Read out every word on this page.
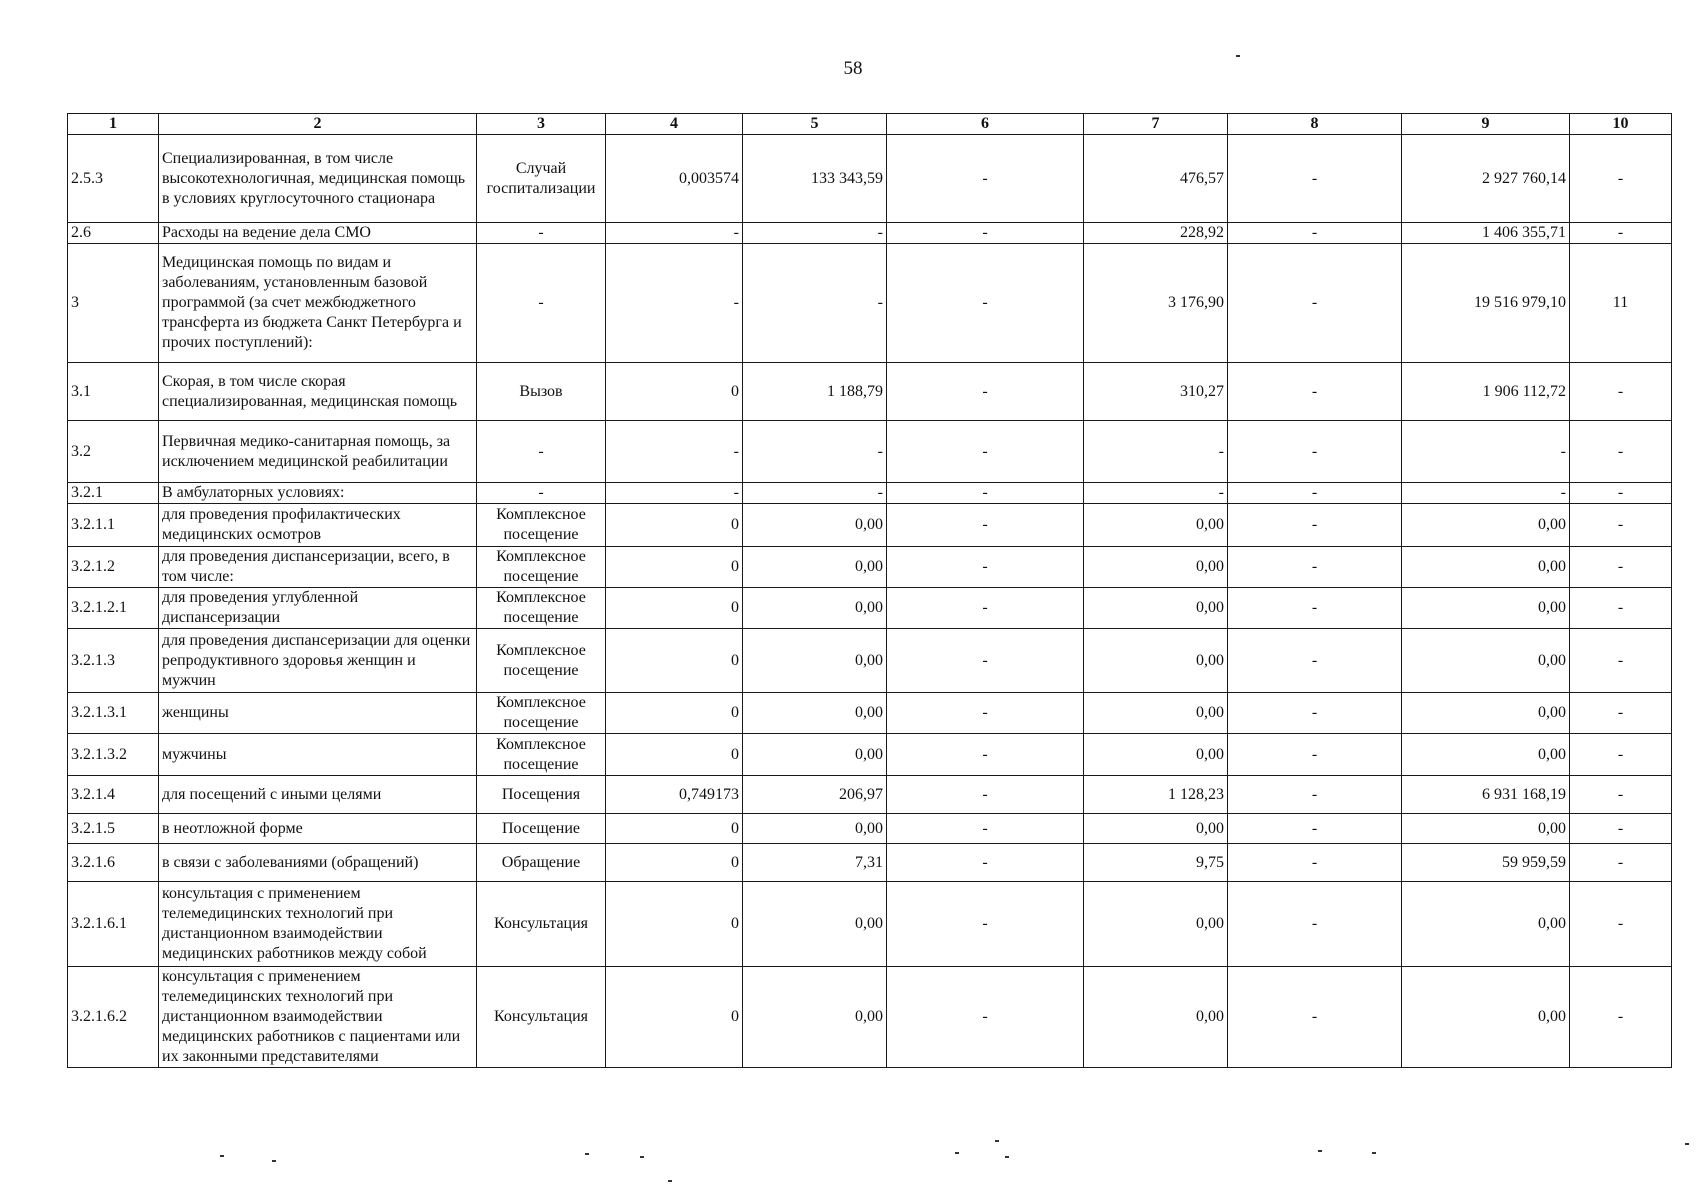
58
1	2	3	4	5	6	7	8	9	10
2.5.3	Специализированная, в том числе высокотехнологичная, медицинская помощь в условиях круглосуточного стационара	Случай госпитализации	0,003574	133 343,59	-	476,57	-	2 927 760,14	-
2.6	Расходы на ведение дела СМО	-	-	-	-	228,92	-	1 406 355,71	-
3	Медицинская помощь по видам и заболеваниям, установленным базовой программой (за счет межбюджетного трансферта из бюджета Санкт Петербурга и прочих поступлений):	-	-	-	-	3 176,90	-	19 516 979,10	11
3.1	Скорая, в том числе скорая специализированная, медицинская помощь	Вызов	0	1 188,79	-	310,27	-	1 906 112,72	-
3.2	Первичная медико-санитарная помощь, за исключением медицинской реабилитации	-	-	-	-	-	-	-	-
3.2.1	В амбулаторных условиях:	-	-	-	-	-	-	-	-
3.2.1.1	для проведения профилактических медицинских осмотров	Комплексное посещение	0	0,00	-	0,00	-	0,00	-
3.2.1.2	для проведения диспансеризации, всего, в том числе:	Комплексное посещение	0	0,00	-	0,00	-	0,00	-
3.2.1.2.1	для проведения углубленной диспансеризации	Комплексное посещение	0	0,00	-	0,00	-	0,00	-
3.2.1.3	для проведения диспансеризации для оценки репродуктивного здоровья женщин и мужчин	Комплексное посещение	0	0,00	-	0,00	-	0,00	-
3.2.1.3.1	женщины	Комплексное посещение	0	0,00	-	0,00	-	0,00	-
3.2.1.3.2	мужчины	Комплексное посещение	0	0,00	-	0,00	-	0,00	-
3.2.1.4	для посещений с иными целями	Посещения	0,749173	206,97	-	1 128,23	-	6 931 168,19	-
3.2.1.5	в неотложной форме	Посещение	0	0,00	-	0,00	-	0,00	-
3.2.1.6	в связи с заболеваниями (обращений)	Обращение	0	7,31	-	9,75	-	59 959,59	-
3.2.1.6.1	консультация с применением телемедицинских технологий при дистанционном взаимодействии медицинских работников между собой	Консультация	0	0,00	-	0,00	-	0,00	-
3.2.1.6.2	консультация с применением телемедицинских технологий при дистанционном взаимодействии медицинских работников с пациентами или их законными представителями	Консультация	0	0,00	-	0,00	-	0,00	-
